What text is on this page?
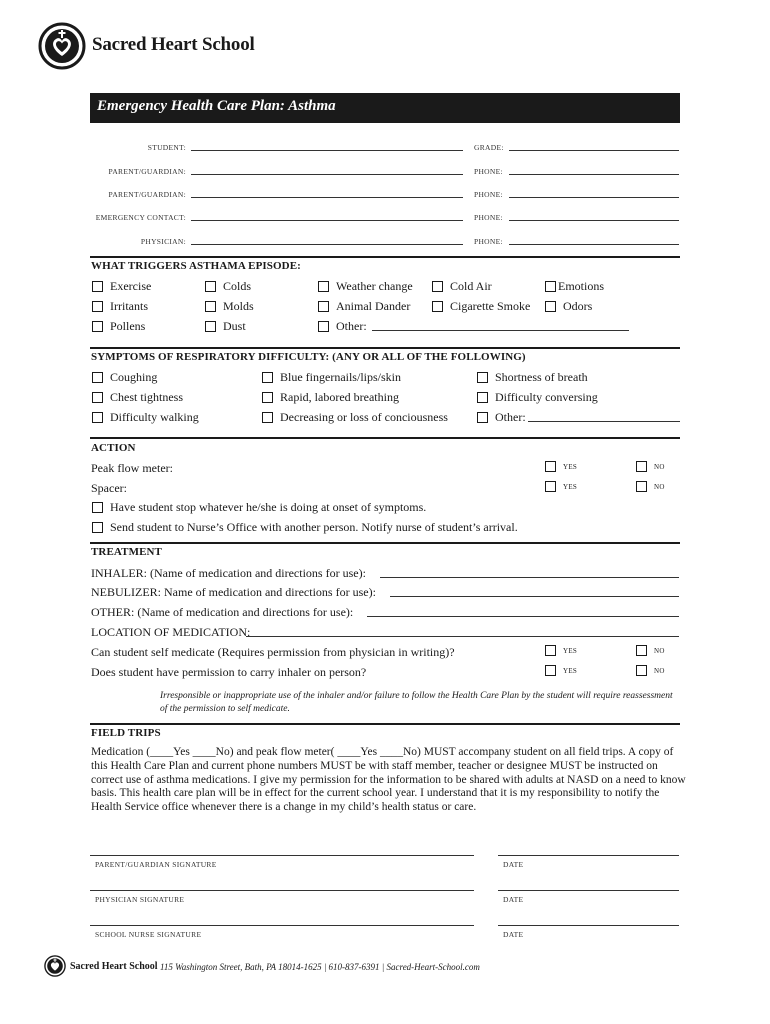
Sacred Heart School
Emergency Health Care Plan: Asthma
STUDENT:	GRADE:
PARENT/GUARDIAN:	PHONE:
PARENT/GUARDIAN:	PHONE:
EMERGENCY CONTACT:	PHONE:
PHYSICIAN:	PHONE:
WHAT TRIGGERS ASTHAMA EPISODE:
Exercise	Colds	Weather change	Cold Air	Emotions
Irritants	Molds	Animal Dander	Cigarette Smoke	Odors
Pollens	Dust	Other:
SYMPTOMS OF RESPIRATORY DIFFICULTY: (ANY OR ALL OF THE FOLLOWING)
Coughing	Blue fingernails/lips/skin	Shortness of breath
Chest tightness	Rapid, labored breathing	Difficulty conversing
Difficulty walking	Decreasing or loss of conciousness	Other:
ACTION
Peak flow meter:	YES	NO
Spacer:	YES	NO
Have student stop whatever he/she is doing at onset of symptoms.
Send student to Nurse’s Office with another person. Notify nurse of student’s arrival.
TREATMENT
INHALER: (Name of medication and directions for use):
NEBULIZER: Name of medication and directions for use):
OTHER: (Name of medication and directions for use):
LOCATION OF MEDICATION:
Can student self medicate (Requires permission from physician in writing)?	YES	NO
Does student have permission to carry inhaler on person?	YES	NO
Irresponsible or inappropriate use of the inhaler and/or failure to follow the Health Care Plan by the student will require reassessment of the permission to self medicate.
FIELD TRIPS
Medication (____Yes ____No) and peak flow meter( ____Yes ____No) MUST accompany student on all field trips. A copy of this Health Care Plan and current phone numbers MUST be with staff member, teacher or designee MUST be instructed on correct use of asthma medications. I give my permission for the information to be shared with adults at NASD on a need to know basis. This health care plan will be in effect for the current school year. I understand that it is my responsibility to notify the Health Service office whenever there is a change in my child’s health status or care.
PARENT/GUARDIAN SIGNATURE	DATE
PHYSICIAN SIGNATURE	DATE
SCHOOL NURSE SIGNATURE	DATE
Sacred Heart School 115 Washington Street, Bath, PA 18014-1625 | 610-837-6391 | Sacred-Heart-School.com
